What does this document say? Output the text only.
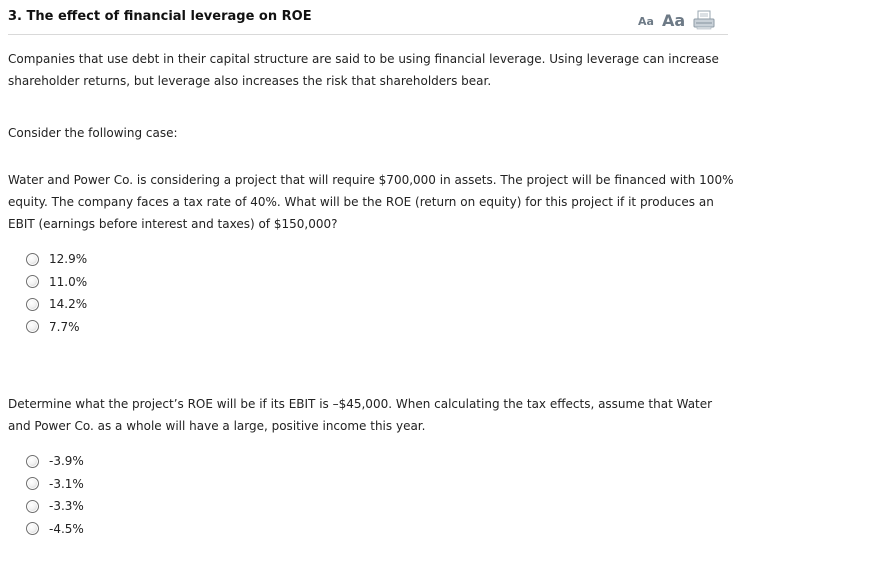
3. The effect of financial leverage on ROE	Aa Aa
Companies that use debt in their capital structure are said to be using financial leverage. Using leverage can increase shareholder returns, but leverage also increases the risk that shareholders bear.
Consider the following case:
Water and Power Co. is considering a project that will require $700,000 in assets. The project will be financed with 100% equity. The company faces a tax rate of 40%. What will be the ROE (return on equity) for this project if it produces an EBIT (earnings before interest and taxes) of $150,000?
12.9%
11.0%
14.2%
7.7%
Determine what the project’s ROE will be if its EBIT is –$45,000. When calculating the tax effects, assume that Water and Power Co. as a whole will have a large, positive income this year.
-3.9%
-3.1%
-3.3%
-4.5%
